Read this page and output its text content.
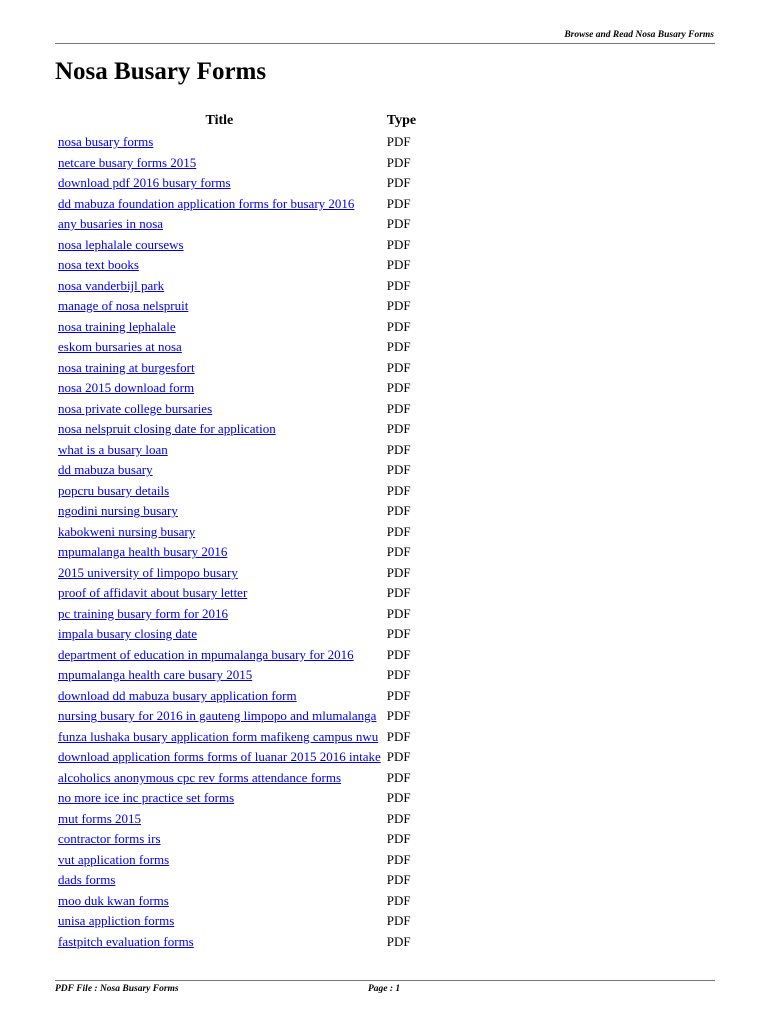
Browse and Read Nosa Busary Forms
Nosa Busary Forms
Title	Type
nosa busary forms	PDF
netcare busary forms 2015	PDF
download pdf 2016 busary forms	PDF
dd mabuza foundation application forms for busary 2016	PDF
any busaries in nosa	PDF
nosa lephalale coursews	PDF
nosa text books	PDF
nosa vanderbijl park	PDF
manage of nosa nelspruit	PDF
nosa training lephalale	PDF
eskom bursaries at nosa	PDF
nosa training at burgesfort	PDF
nosa 2015 download form	PDF
nosa private college bursaries	PDF
nosa nelspruit closing date for application	PDF
what is a busary loan	PDF
dd mabuza busary	PDF
popcru busary details	PDF
ngodini nursing busary	PDF
kabokweni nursing busary	PDF
mpumalanga health busary 2016	PDF
2015 university of limpopo busary	PDF
proof of affidavit about busary letter	PDF
pc training busary form for 2016	PDF
impala busary closing date	PDF
department of education in mpumalanga busary for 2016	PDF
mpumalanga health care busary 2015	PDF
download dd mabuza busary application form	PDF
nursing busary for 2016 in gauteng limpopo and mlumalanga	PDF
funza lushaka busary application form mafikeng campus nwu	PDF
download application forms forms of luanar 2015 2016 intake	PDF
alcoholics anonymous cpc rev forms attendance forms	PDF
no more ice inc practice set forms	PDF
mut forms 2015	PDF
contractor forms irs	PDF
vut application forms	PDF
dads forms	PDF
moo duk kwan forms	PDF
unisa appliction forms	PDF
fastpitch evaluation forms	PDF
PDF File : Nosa Busary Forms	Page : 1
